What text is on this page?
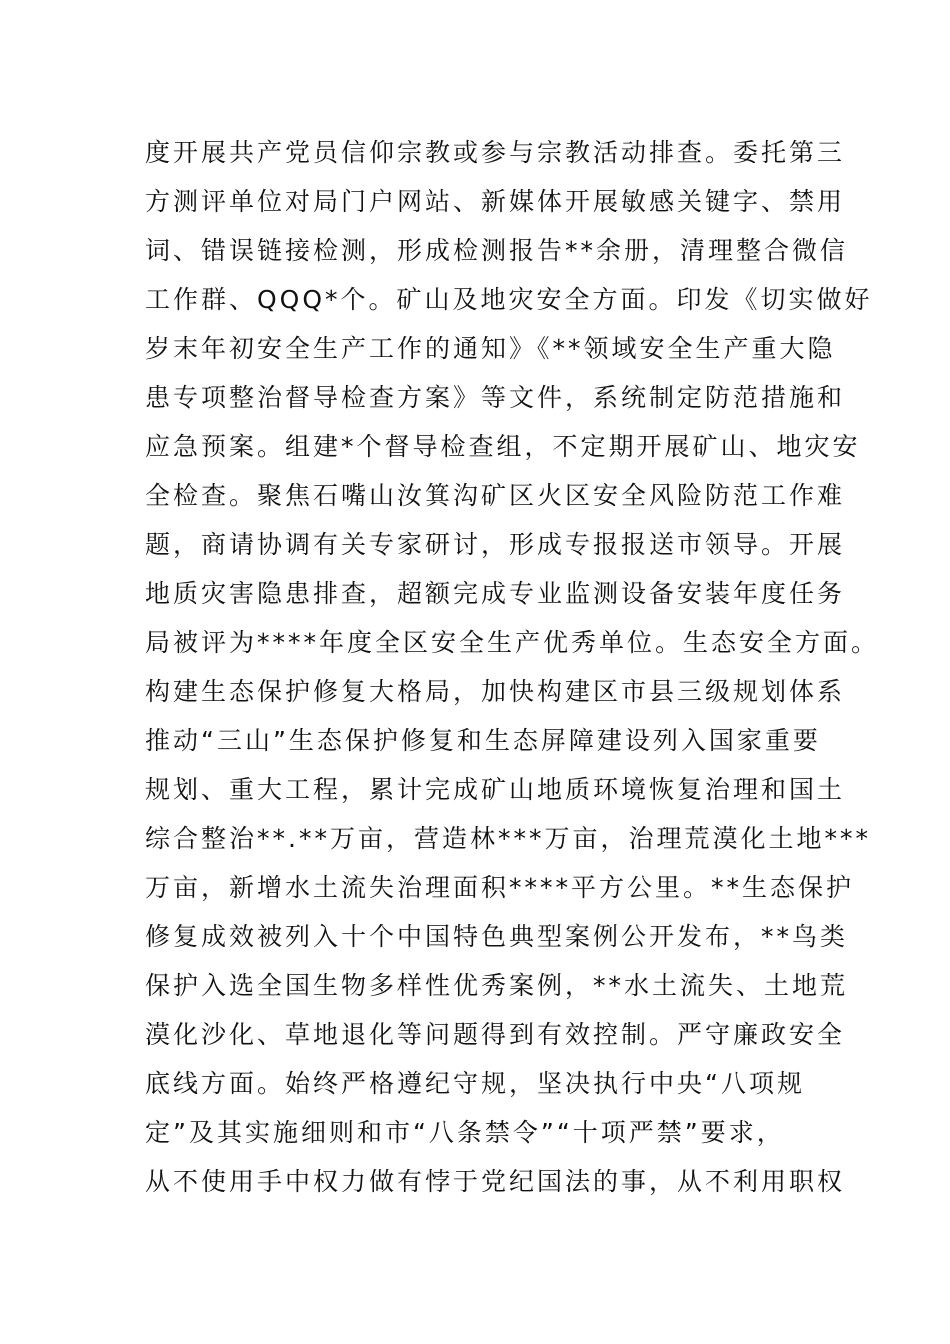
度开展共产党员信仰宗教或参与宗教活动排查。委托第三
方测评单位对局门户网站、新媒体开展敏感关键字、禁用
词、错误链接检测，形成检测报告**余册，清理整合微信
工作群、QQQ*个。矿山及地灾安全方面。印发《切实做好
岁末年初安全生产工作的通知》《**领域安全生产重大隐
患专项整治督导检查方案》等文件，系统制定防范措施和
应急预案。组建*个督导检查组，不定期开展矿山、地灾安
全检查。聚焦石嘴山汝箕沟矿区火区安全风险防范工作难
题，商请协调有关专家研讨，形成专报报送市领导。开展
地质灾害隐患排查，超额完成专业监测设备安装年度任务
局被评为****年度全区安全生产优秀单位。生态安全方面。
构建生态保护修复大格局，加快构建区市县三级规划体系
推动“三山”生态保护修复和生态屏障建设列入国家重要
规划、重大工程，累计完成矿山地质环境恢复治理和国土
综合整治**.**万亩，营造林***万亩，治理荒漠化土地***
万亩，新增水土流失治理面积****平方公里。**生态保护
修复成效被列入十个中国特色典型案例公开发布，**鸟类
保护入选全国生物多样性优秀案例，**水土流失、土地荒
漠化沙化、草地退化等问题得到有效控制。严守廉政安全
底线方面。始终严格遵纪守规，坚决执行中央“八项规
定”及其实施细则和市“八条禁令”“十项严禁”要求，
从不使用手中权力做有悖于党纪国法的事，从不利用职权
